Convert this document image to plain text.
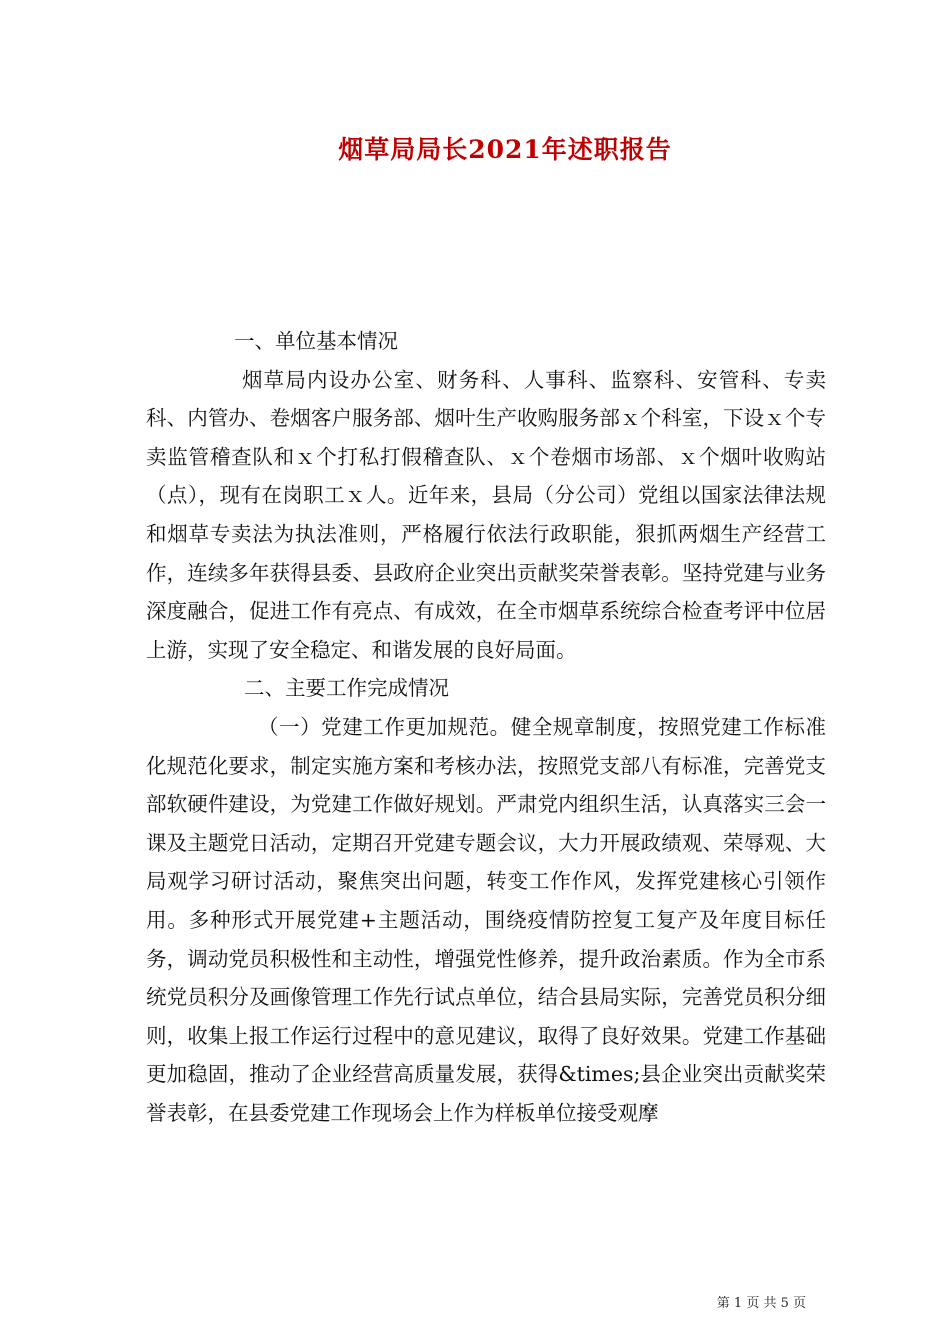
烟草局局长2021年述职报告

一、单位基本情况

烟草局内设办公室、财务科、人事科、监察科、安管科、专卖科、内管办、卷烟客户服务部、烟叶生产收购服务部ｘ个科室，下设ｘ个专卖监管稽查队和ｘ个打私打假稽查队、ｘ个卷烟市场部、ｘ个烟叶收购站（点），现有在岗职工ｘ人。近年来，县局（分公司）党组以国家法律法规和烟草专卖法为执法准则，严格履行依法行政职能，狠抓两烟生产经营工作，连续多年获得县委、县政府企业突出贡献奖荣誉表彰。坚持党建与业务深度融合，促进工作有亮点、有成效，在全市烟草系统综合检查考评中位居上游，实现了安全稳定、和谐发展的良好局面。

二、主要工作完成情况

（一）党建工作更加规范。健全规章制度，按照党建工作标准化规范化要求，制定实施方案和考核办法，按照党支部八有标准，完善党支部软硬件建设，为党建工作做好规划。严肃党内组织生活，认真落实三会一课及主题党日活动，定期召开党建专题会议，大力开展政绩观、荣辱观、大局观学习研讨活动，聚焦突出问题，转变工作作风，发挥党建核心引领作用。多种形式开展党建+主题活动，围绕疫情防控复工复产及年度目标任务，调动党员积极性和主动性，增强党性修养，提升政治素质。作为全市系统党员积分及画像管理工作先行试点单位，结合县局实际，完善党员积分细则，收集上报工作运行过程中的意见建议，取得了良好效果。党建工作基础更加稳固，推动了企业经营高质量发展，获得&times;县企业突出贡献奖荣誉表彰，在县委党建工作现场会上作为样板单位接受观摩

第 1 页 共 5 页
